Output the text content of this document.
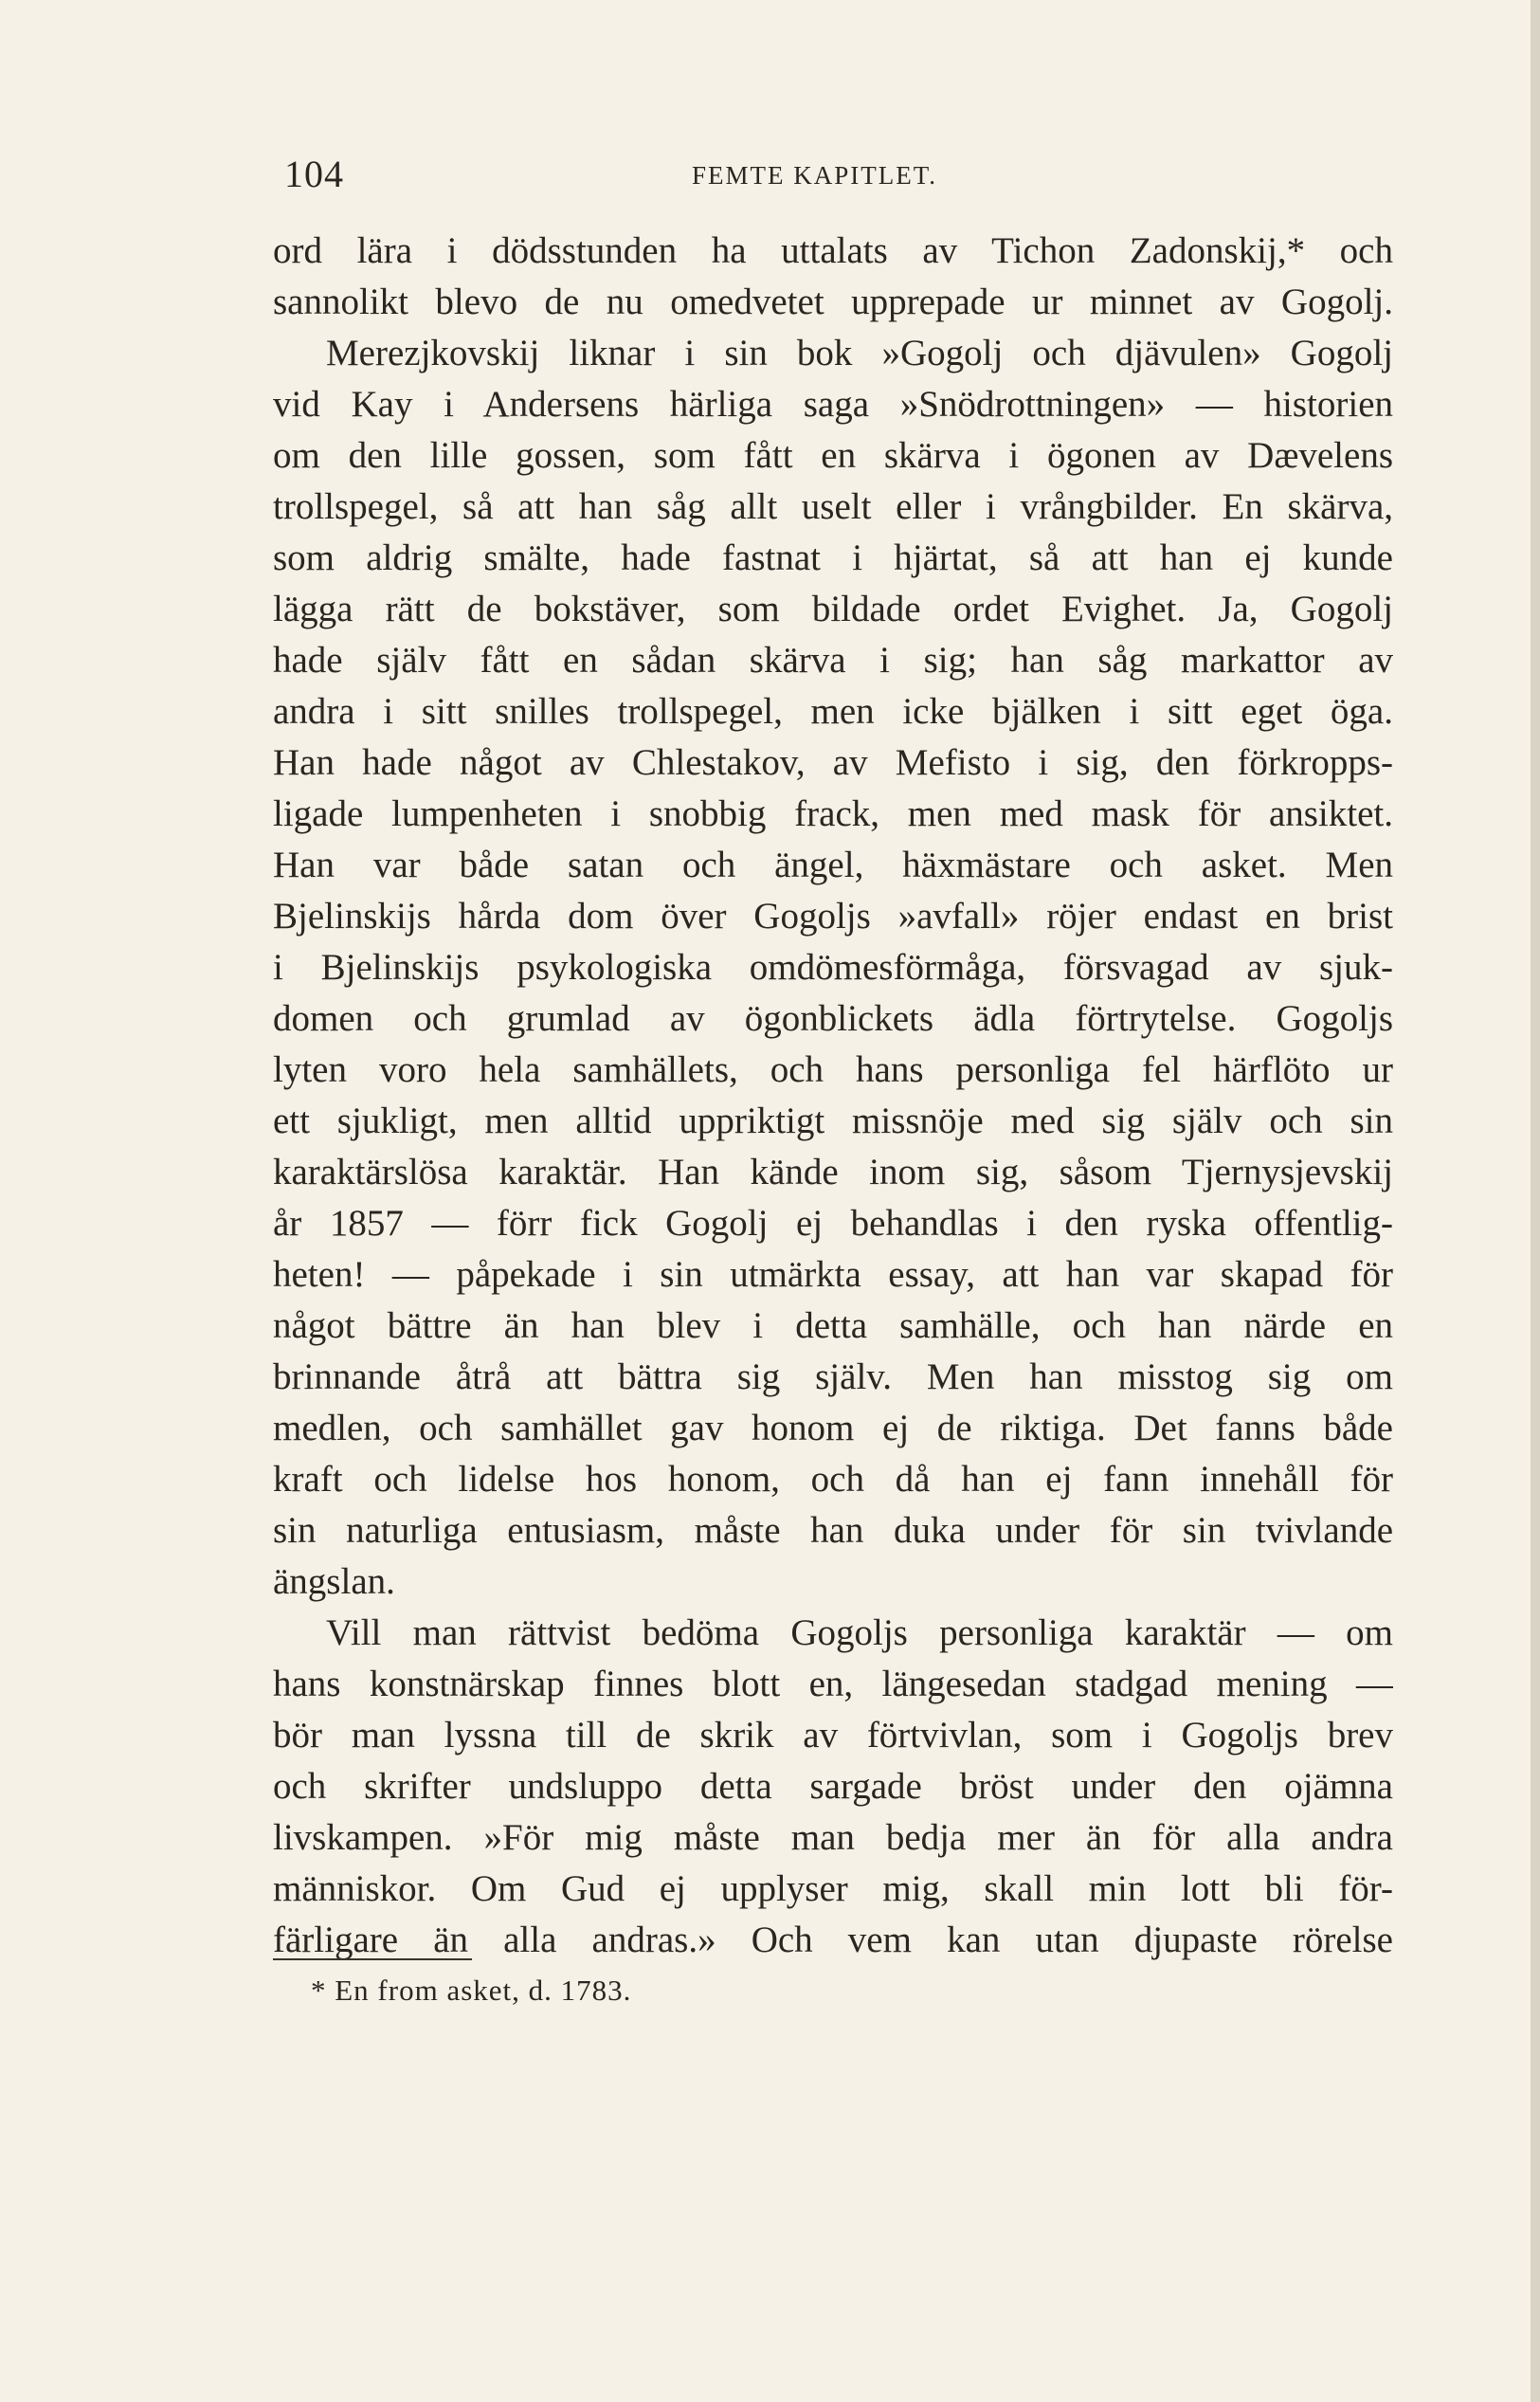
104	FEMTE KAPITLET.
ord lära i dödsstunden ha uttalats av Tichon Zadonskij,* och
sannolikt blevo de nu omedvetet upprepade ur minnet av Gogolj.
Merezjkovskij liknar i sin bok »Gogolj och djävulen» Gogolj
vid Kay i Andersens härliga saga »Snödrottningen» — historien
om den lille gossen, som fått en skärva i ögonen av Dævelens
trollspegel, så att han såg allt uselt eller i vrångbilder. En skärva,
som aldrig smälte, hade fastnat i hjärtat, så att han ej kunde
lägga rätt de bokstäver, som bildade ordet Evighet. Ja, Gogolj
hade själv fått en sådan skärva i sig; han såg markattor av
andra i sitt snilles trollspegel, men icke bjälken i sitt eget öga.
Han hade något av Chlestakov, av Mefisto i sig, den förkropps-
ligade lumpenheten i snobbig frack, men med mask för ansiktet.
Han var både satan och ängel, häxmästare och asket. Men
Bjelinskijs hårda dom över Gogoljs »avfall» röjer endast en brist
i Bjelinskijs psykologiska omdömesförmåga, försvagad av sjuk-
domen och grumlad av ögonblickets ädla förtrytelse. Gogoljs
lyten voro hela samhällets, och hans personliga fel härflöto ur
ett sjukligt, men alltid uppriktigt missnöje med sig själv och sin
karaktärslösa karaktär. Han kände inom sig, såsom Tjernysjevskij
år 1857 — förr fick Gogolj ej behandlas i den ryska offentlig-
heten! — påpekade i sin utmärkta essay, att han var skapad för
något bättre än han blev i detta samhälle, och han närde en
brinnande åtrå att bättra sig själv. Men han misstog sig om
medlen, och samhället gav honom ej de riktiga. Det fanns både
kraft och lidelse hos honom, och då han ej fann innehåll för
sin naturliga entusiasm, måste han duka under för sin tvivlande
ängslan.
Vill man rättvist bedöma Gogoljs personliga karaktär — om
hans konstnärskap finnes blott en, längesedan stadgad mening —
bör man lyssna till de skrik av förtvivlan, som i Gogoljs brev
och skrifter undsluppo detta sargade bröst under den ojämna
livskampen. »För mig måste man bedja mer än för alla andra
människor. Om Gud ej upplyser mig, skall min lott bli för-
färligare än alla andras.» Och vem kan utan djupaste rörelse
* En from asket, d. 1783.
